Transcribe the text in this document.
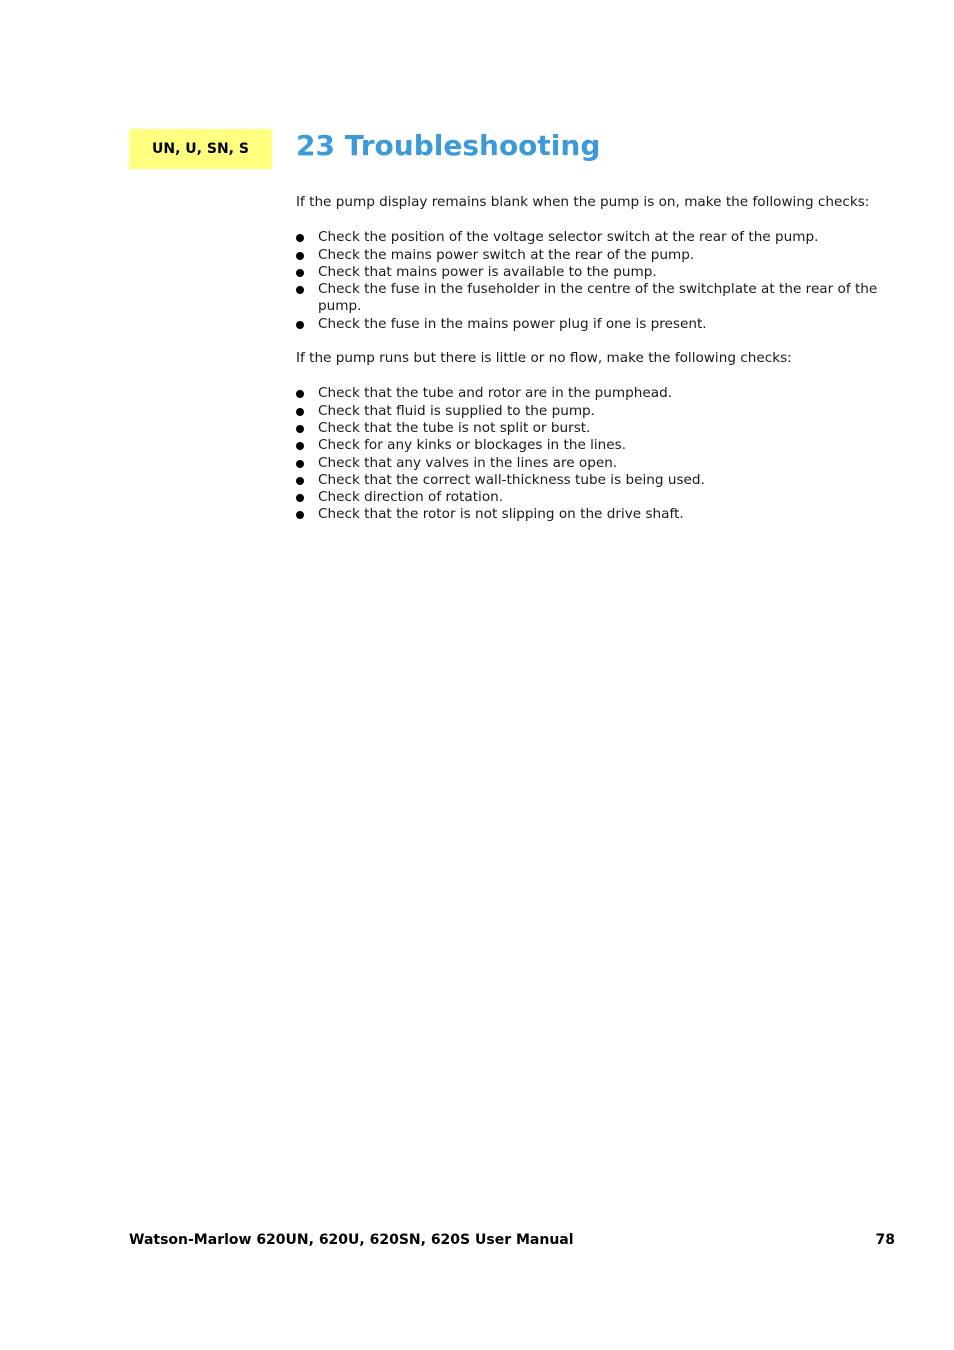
UN, U, SN, S	23 Troubleshooting

If the pump display remains blank when the pump is on, make the following checks:

Check the position of the voltage selector switch at the rear of the pump.
Check the mains power switch at the rear of the pump.
Check that mains power is available to the pump.
Check the fuse in the fuseholder in the centre of the switchplate at the rear of the pump.
Check the fuse in the mains power plug if one is present.

If the pump runs but there is little or no flow, make the following checks:

Check that the tube and rotor are in the pumphead.
Check that fluid is supplied to the pump.
Check that the tube is not split or burst.
Check for any kinks or blockages in the lines.
Check that any valves in the lines are open.
Check that the correct wall-thickness tube is being used.
Check direction of rotation.
Check that the rotor is not slipping on the drive shaft.
Watson-Marlow 620UN, 620U, 620SN, 620S User Manual	78
